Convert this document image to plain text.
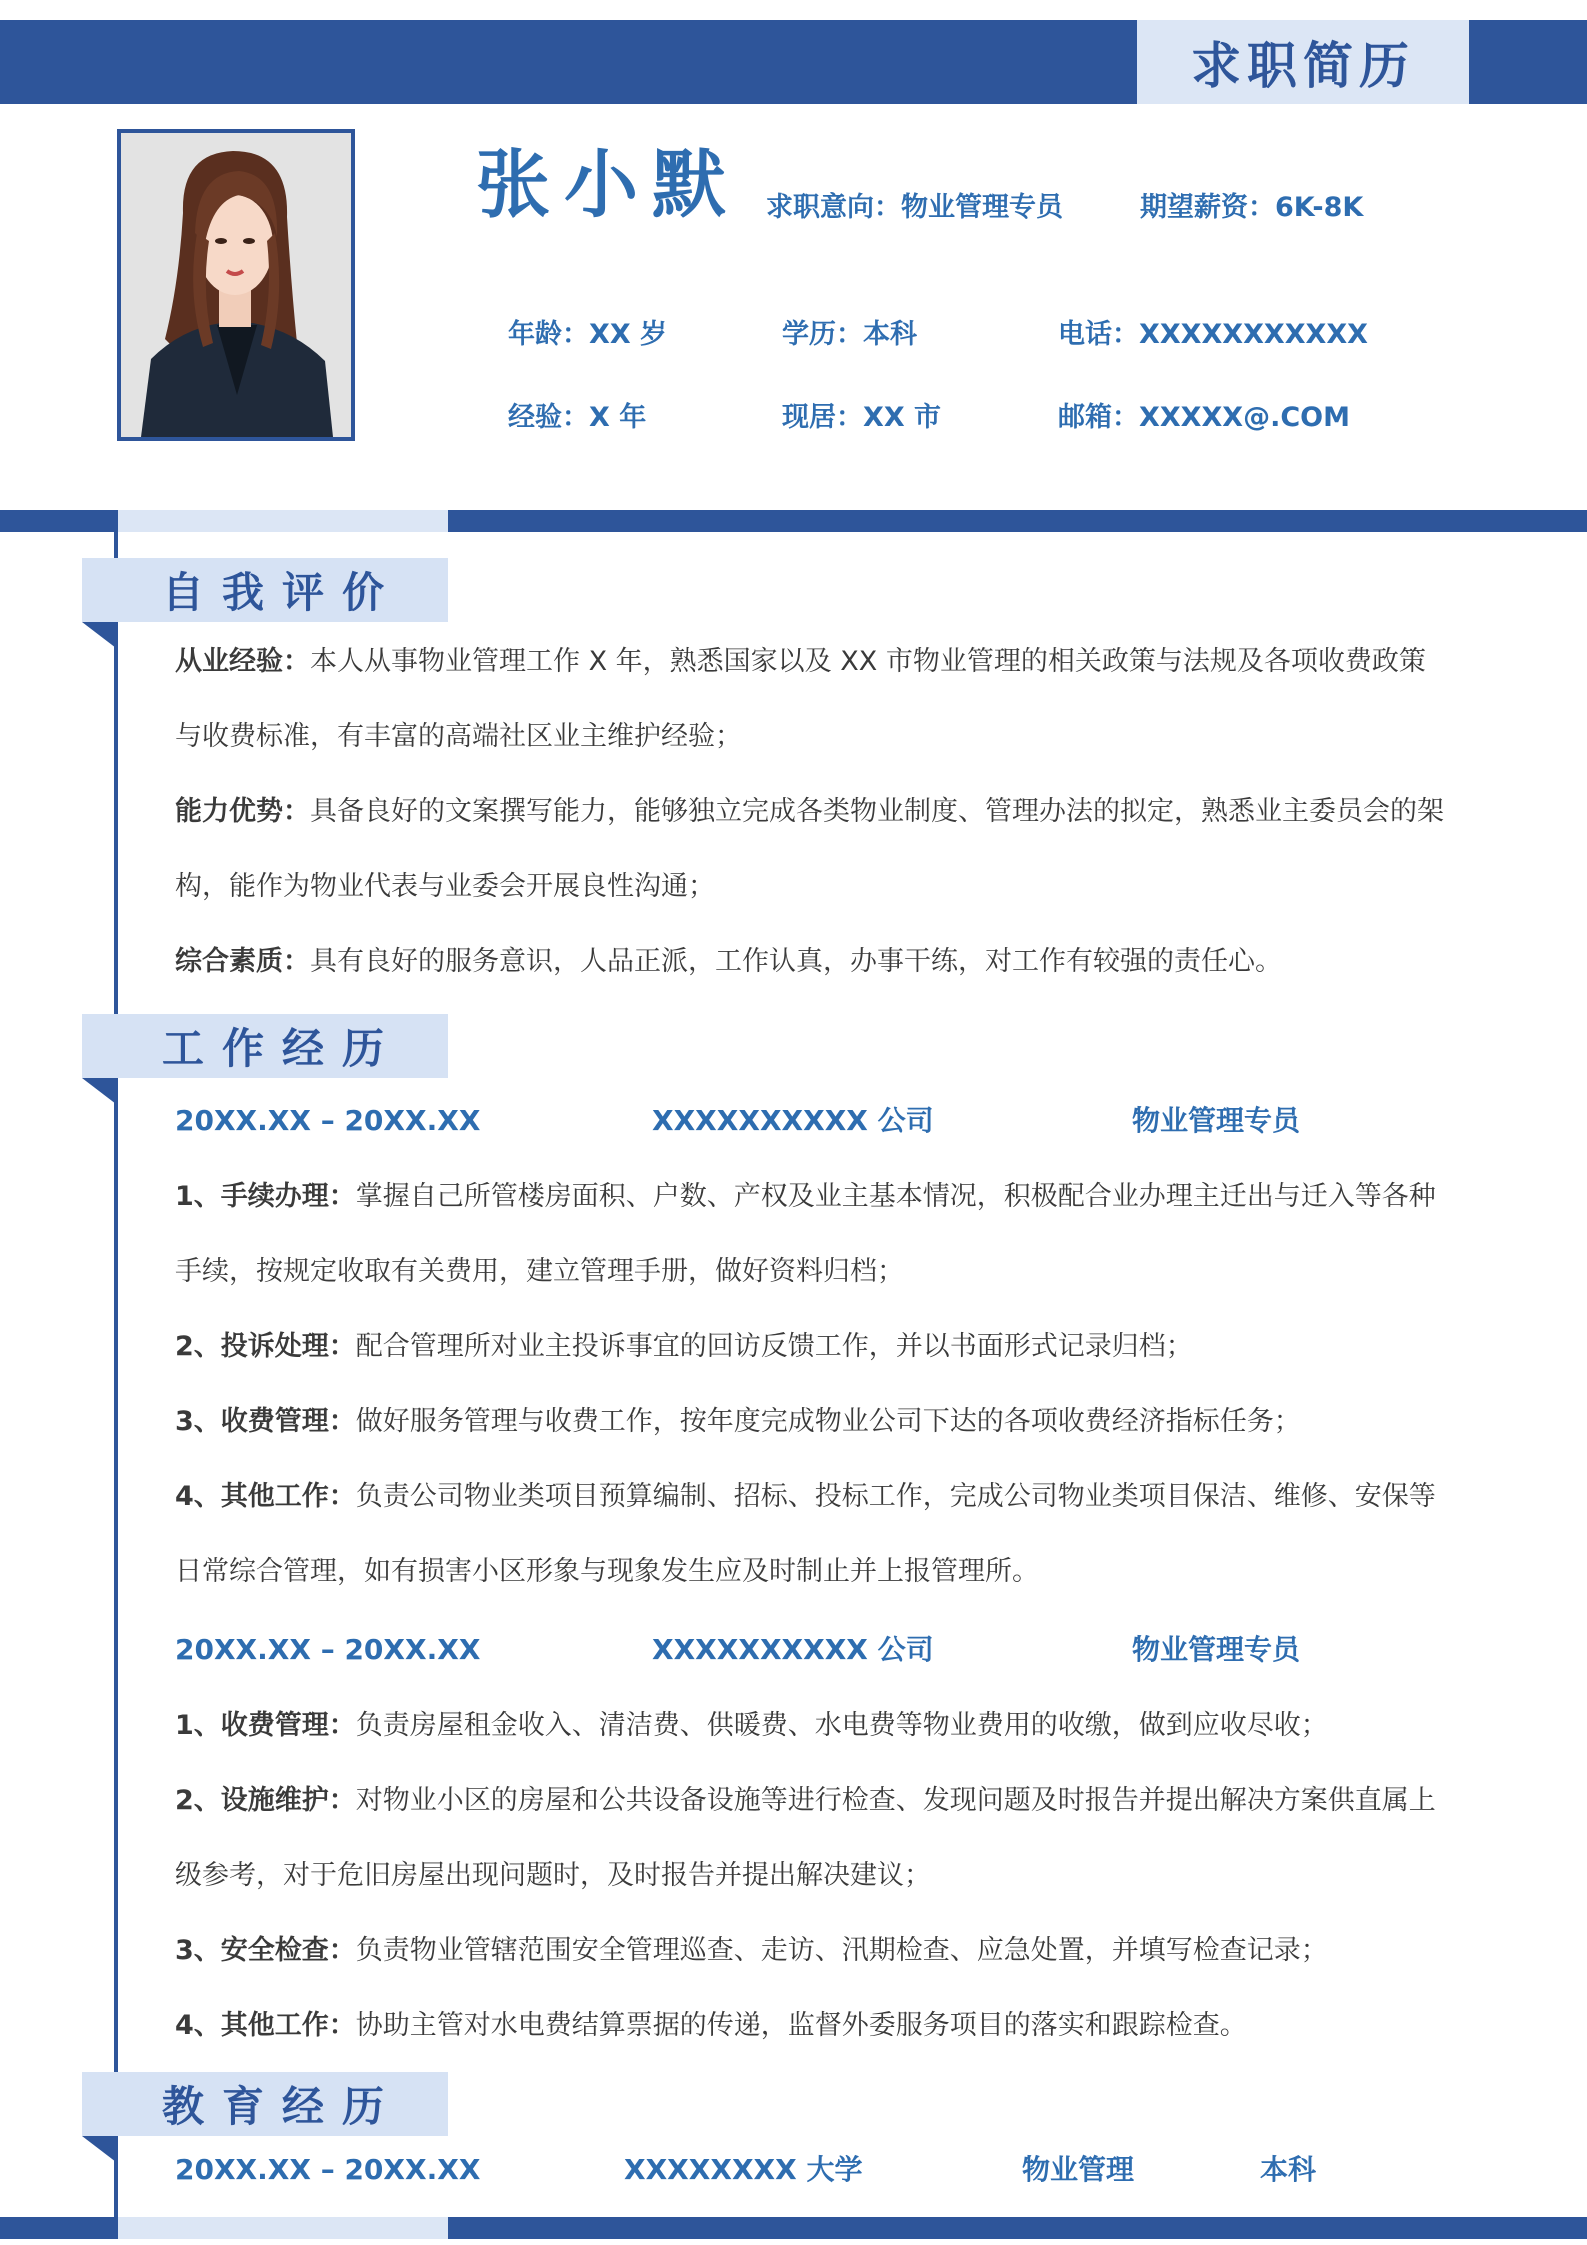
求职简历
张小默 求职意向：物业管理专员	期望薪资：6K-8K
年龄：XX 岁	学历：本科	电话：XXXXXXXXXXX
经验：X 年	现居：XX 市	邮箱：XXXXX@.COM
自我评价
从业经验：本人从事物业管理工作 X 年，熟悉国家以及 XX 市物业管理的相关政策与法规及各项收费政策与收费标准，有丰富的高端社区业主维护经验；
能力优势：具备良好的文案撰写能力，能够独立完成各类物业制度、管理办法的拟定，熟悉业主委员会的架构，能作为物业代表与业委会开展良性沟通；
综合素质：具有良好的服务意识，人品正派，工作认真，办事干练，对工作有较强的责任心。
工作经历
20XX.XX – 20XX.XX	XXXXXXXXXX 公司	物业管理专员
1、手续办理：掌握自己所管楼房面积、户数、产权及业主基本情况，积极配合业办理主迁出与迁入等各种手续，按规定收取有关费用，建立管理手册，做好资料归档；
2、投诉处理：配合管理所对业主投诉事宜的回访反馈工作，并以书面形式记录归档；
3、收费管理：做好服务管理与收费工作，按年度完成物业公司下达的各项收费经济指标任务；
4、其他工作：负责公司物业类项目预算编制、招标、投标工作，完成公司物业类项目保洁、维修、安保等日常综合管理，如有损害小区形象与现象发生应及时制止并上报管理所。
20XX.XX – 20XX.XX	XXXXXXXXXX 公司	物业管理专员
1、收费管理：负责房屋租金收入、清洁费、供暖费、水电费等物业费用的收缴，做到应收尽收；
2、设施维护：对物业小区的房屋和公共设备设施等进行检查、发现问题及时报告并提出解决方案供直属上级参考，对于危旧房屋出现问题时，及时报告并提出解决建议；
3、安全检查：负责物业管辖范围安全管理巡查、走访、汛期检查、应急处置，并填写检查记录；
4、其他工作：协助主管对水电费结算票据的传递，监督外委服务项目的落实和跟踪检查。
教育经历
20XX.XX – 20XX.XX	XXXXXXXX 大学	物业管理	本科
